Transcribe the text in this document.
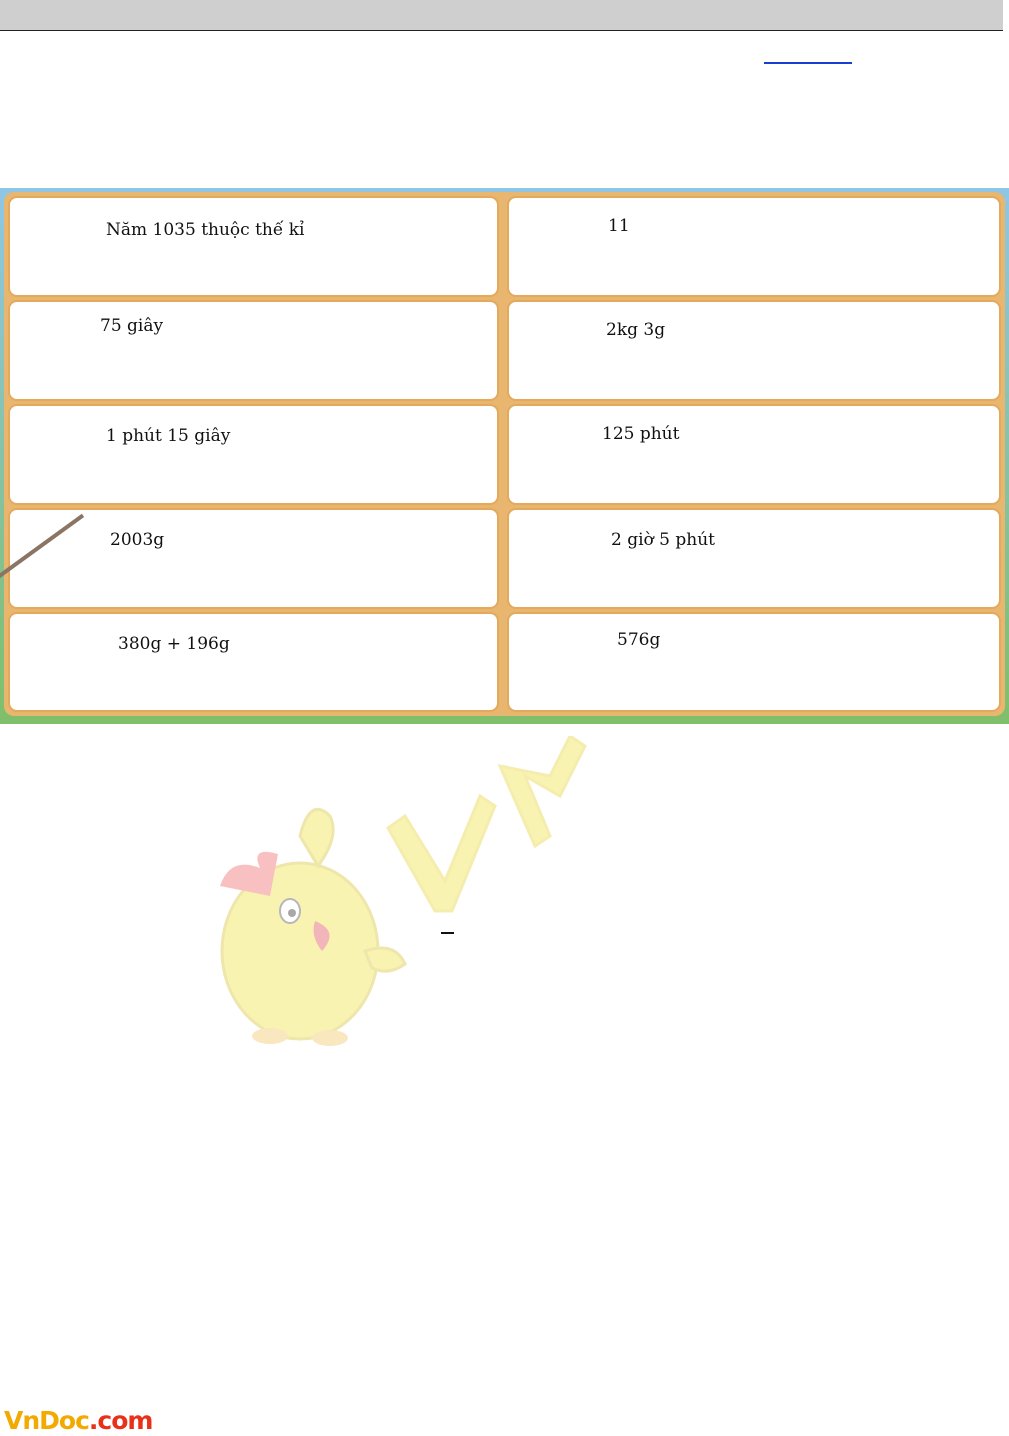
Năm 1035 thuộc thế kỉ
75 giây
1 phút 15 giây
2003g
380g + 196g
11
2kg 3g
125 phút
2 giờ 5 phút
576g
VnDoc.com
